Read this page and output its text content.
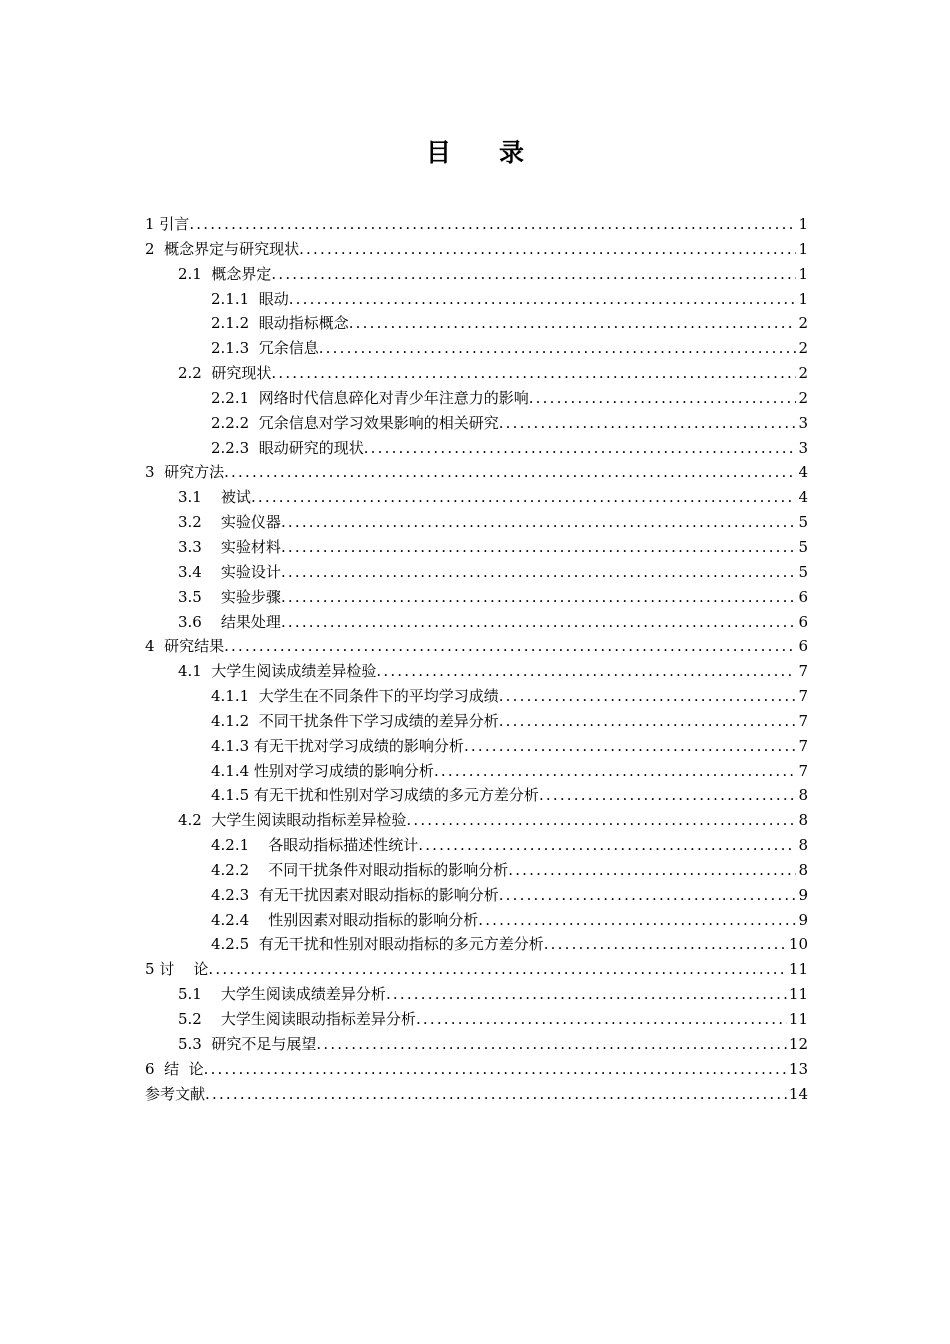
目录
1 引言 .....	1
2  概念界定与研究现状 .....	1
2.1  概念界定 .....	1
2.1.1  眼动 .....	1
2.1.2  眼动指标概念 .....	2
2.1.3  冗余信息 .....	2
2.2  研究现状 .....	2
2.2.1  网络时代信息碎化对青少年注意力的影响 .....	2
2.2.2  冗余信息对学习效果影响的相关研究 .....	3
2.2.3  眼动研究的现状 .....	3
3  研究方法 .....	4
3.1    被试 .....	4
3.2    实验仪器 .....	5
3.3    实验材料 .....	5
3.4    实验设计 .....	5
3.5    实验步骤 .....	6
3.6    结果处理 .....	6
4  研究结果 .....	6
4.1  大学生阅读成绩差异检验 .....	7
4.1.1  大学生在不同条件下的平均学习成绩 .....	7
4.1.2  不同干扰条件下学习成绩的差异分析 .....	7
4.1.3 有无干扰对学习成绩的影响分析 .....	7
4.1.4 性别对学习成绩的影响分析 .....	7
4.1.5 有无干扰和性别对学习成绩的多元方差分析 .....	8
4.2  大学生阅读眼动指标差异检验 .....	8
4.2.1    各眼动指标描述性统计 .....	8
4.2.2    不同干扰条件对眼动指标的影响分析 .....	8
4.2.3  有无干扰因素对眼动指标的影响分析 .....	9
4.2.4    性别因素对眼动指标的影响分析 .....	9
4.2.5  有无干扰和性别对眼动指标的多元方差分析 .....	10
5 讨    论 .....	11
5.1    大学生阅读成绩差异分析 .....	11
5.2    大学生阅读眼动指标差异分析 .....	11
5.3  研究不足与展望 .....	12
6  结  论 .....	13
参考文献 .....	14
